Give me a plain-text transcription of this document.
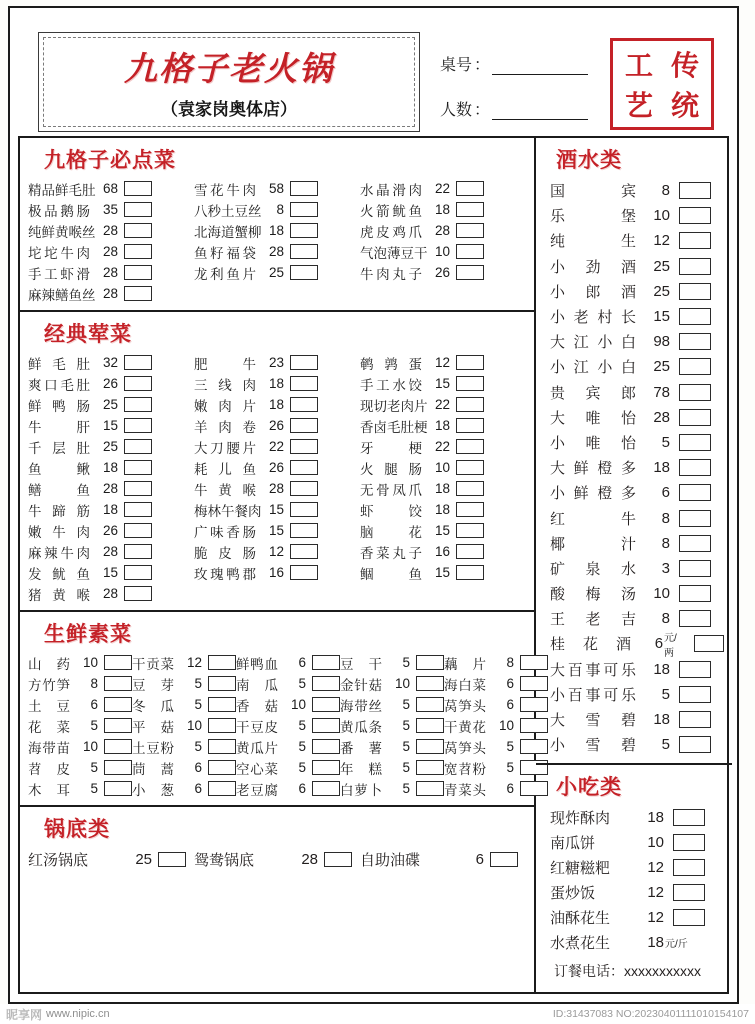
九格子老火锅
（袁家岗奥体店）
桌号 ：
人数 ：
工 传
艺 统
九格子必点菜
精品鲜毛肚 68	雪花牛肉 58	水晶滑肉 22
极品鹅肠 35	八秒土豆丝	8	火箭鱿鱼 18
纯鲜黄喉丝 28	北海道蟹柳 18	虎皮鸡爪 28
坨坨牛肉 28	鱼籽福袋 28	气泡薄豆干 10
手工虾滑 28	龙利鱼片 25	牛肉丸子 26
麻辣鳝鱼丝 28
经典荤菜
鲜毛肚 32	肥牛 23	鹌鹑蛋 12
爽口毛肚 26	三线肉 18	手工水饺 15
鲜鸭肠 25	嫩肉片 18	现切老肉片 22
牛肝 15	羊肉卷 26	香卤毛肚梗 18
千层肚 25	大刀腰片 22	牙梗 22
鱼鳅 18	耗儿鱼 26	火腿肠 10
鳝鱼 28	牛黄喉 28	无骨凤爪 18
牛蹄筋 18	梅林午餐肉 15	虾饺 18
嫩牛肉 26	广味香肠 15	脑花 15
麻辣牛肉 28	脆皮肠 12	香菜丸子 16
发鱿鱼 15	玫瑰鸭郡 16	鲴鱼 15
猪黄喉 28
生鲜素菜
山药 10	干贡菜 12	鲜鸭血	6	豆干	5	藕片	8
方竹笋	8	豆芽	5	南瓜	5	金针菇 10	海白菜	6
土豆	6	冬瓜	5	香菇 10	海带丝	5	莴笋头	6
花菜	5	平菇 10	干豆皮	5	黄瓜条	5	干黄花 10
海带苗 10	土豆粉	5	黄瓜片	5	番薯	5	莴笋头	5
苕皮	5	茼蒿	6	空心菜	5	年糕	5	宽苕粉	5
木耳	5	小葱	6	老豆腐	6	白萝卜	5	青菜头	6
锅底类
红汤锅底	25	鸳鸯锅底	28	自助油碟	6
酒水类
国宾	8
乐堡	10
纯生	12
小劲酒	25
小郎酒	25
小老村长	15
大江小白	98
小江小白	25
贵宾郎	78
大唯怡	28
小唯怡	5
大鲜橙多	18
小鲜橙多	6
红牛	8
椰汁	8
矿泉水	3
酸梅汤	10
王老吉	8
桂花酒	6 元/两
大百事可乐	18
小百事可乐	5
大雪碧	18
小雪碧	5
小吃类
现炸酥肉	18
南瓜饼	10
红糖糍粑	12
蛋炒饭	12
油酥花生	12
水煮花生	18 元/斤
订餐电话：xxxxxxxxxxx
昵享网 www.nipic.cn	ID:31437083 NO:20230401111010154107
